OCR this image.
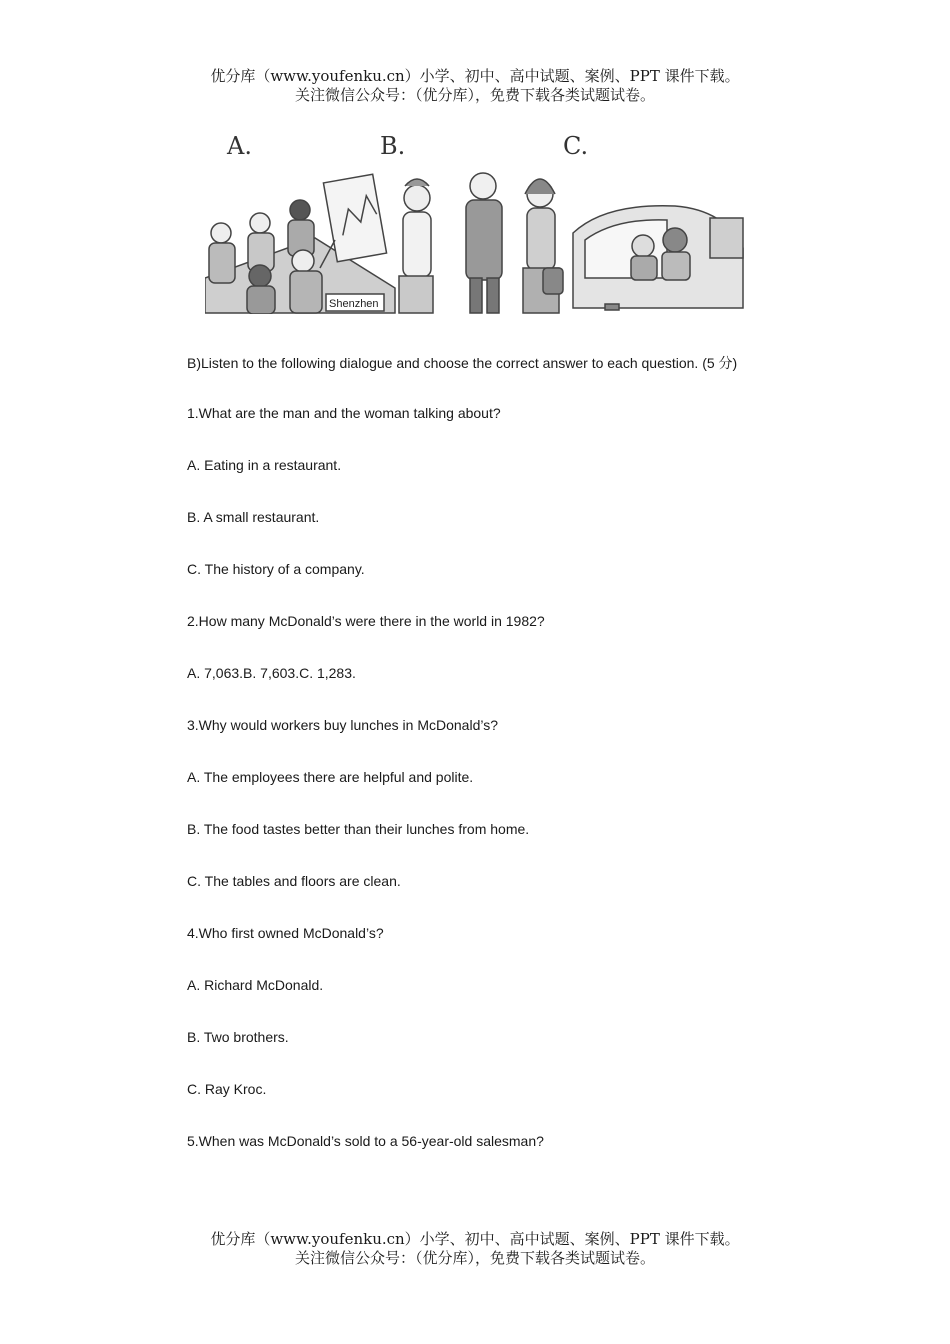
优分库（www.youfenku.cn）小学、初中、高中试题、案例、PPT 课件下载。
关注微信公众号：（优分库），免费下载各类试题试卷。
A.	B.	C.
Shenzhen
B)Listen to the following dialogue and choose the correct answer to each question. (5 分)
1.What are the man and the woman talking about?
A. Eating in a restaurant.
B. A small restaurant.
C. The history of a company.
2.How many McDonald’s were there in the world in 1982?
A. 7,063.B. 7,603.C. 1,283.
3.Why would workers buy lunches in McDonald’s?
A. The employees there are helpful and polite.
B. The food tastes better than their lunches from home.
C. The tables and floors are clean.
4.Who first owned McDonald’s?
A. Richard McDonald.
B. Two brothers.
C. Ray Kroc.
5.When was McDonald’s sold to a 56-year-old salesman?
优分库（www.youfenku.cn）小学、初中、高中试题、案例、PPT 课件下载。
关注微信公众号：（优分库），免费下载各类试题试卷。
